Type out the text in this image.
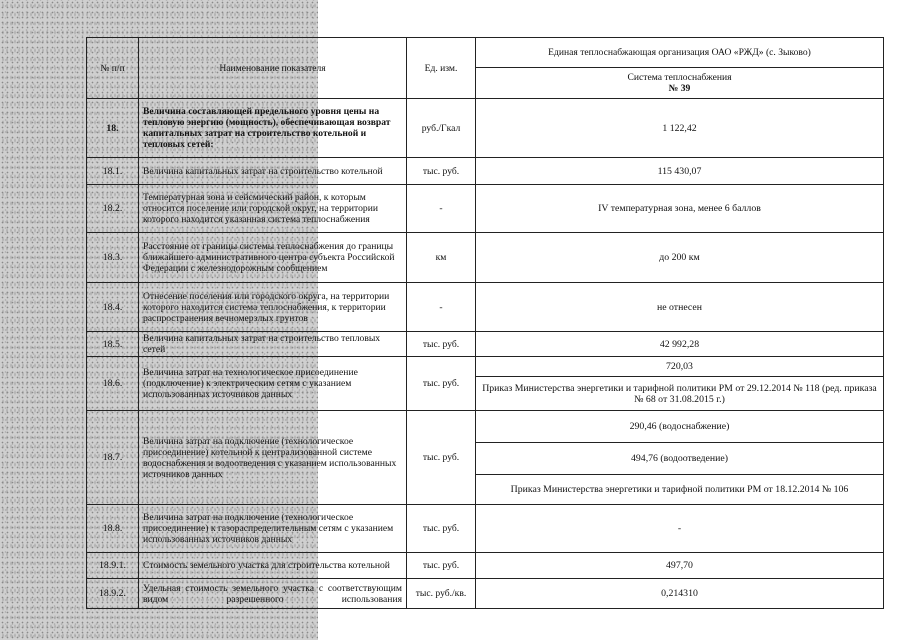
№ п/п	Наименование показателя	Ед. изм.	Единая теплоснабжающая организация ОАО «РЖД» (с. Зыково)

			Система теплоснабжения
№ 39

18.	Величина составляющей предельного уровня цены на тепловую энергию (мощность), обеспечивающая возврат капитальных затрат на строительство котельной и тепловых сетей:	руб./Гкал	1 122,42
18.1.	Величина капитальных затрат на строительство котельной	тыс. руб.	115 430,07
18.2.	Температурная зона и сейсмический район, к которым относится поселение или городской округ, на территории которого находится указанная система теплоснабжения	-	IV температурная зона, менее 6 баллов
18.3.	Расстояние от границы системы теплоснабжения до границы ближайшего административного центра субъекта Российской Федерации с железнодорожным сообщением	км	до 200 км
18.4.	Отнесение поселения или городского округа, на территории которого находится система теплоснабжения, к территории распространения вечномерзлых грунтов	-	не отнесен
18.5.	Величина капитальных затрат на строительство тепловых сетей	тыс. руб.	42 992,28
18.6.	Величина затрат на технологическое присоединение (подключение) к электрическим сетям с указанием использованных источников данных	тыс. руб.	720,03
			Приказ Министерства энергетики и тарифной политики РМ от 29.12.2014 № 118 (ред. приказа № 68 от 31.08.2015 г.)
18.7.	Величина затрат на подключение (технологическое присоединение) котельной к централизованной системе водоснабжения и водоотведения с указанием использованных источников данных	тыс. руб.	290,46 (водоснабжение)
			494,76 (водоотведение)
			Приказ Министерства энергетики и тарифной политики РМ от 18.12.2014 № 106
18.8.	Величина затрат на подключение (технологическое присоединение) к газораспределительным сетям с указанием использованных источников данных	тыс. руб.	-
18.9.1.	Стоимость земельного участка для строительства котельной	тыс. руб.	497,70
18.9.2.	Удельная стоимость земельного участка с соответствующим видом разрешенного использования	тыс. руб./кв.	0,214310
